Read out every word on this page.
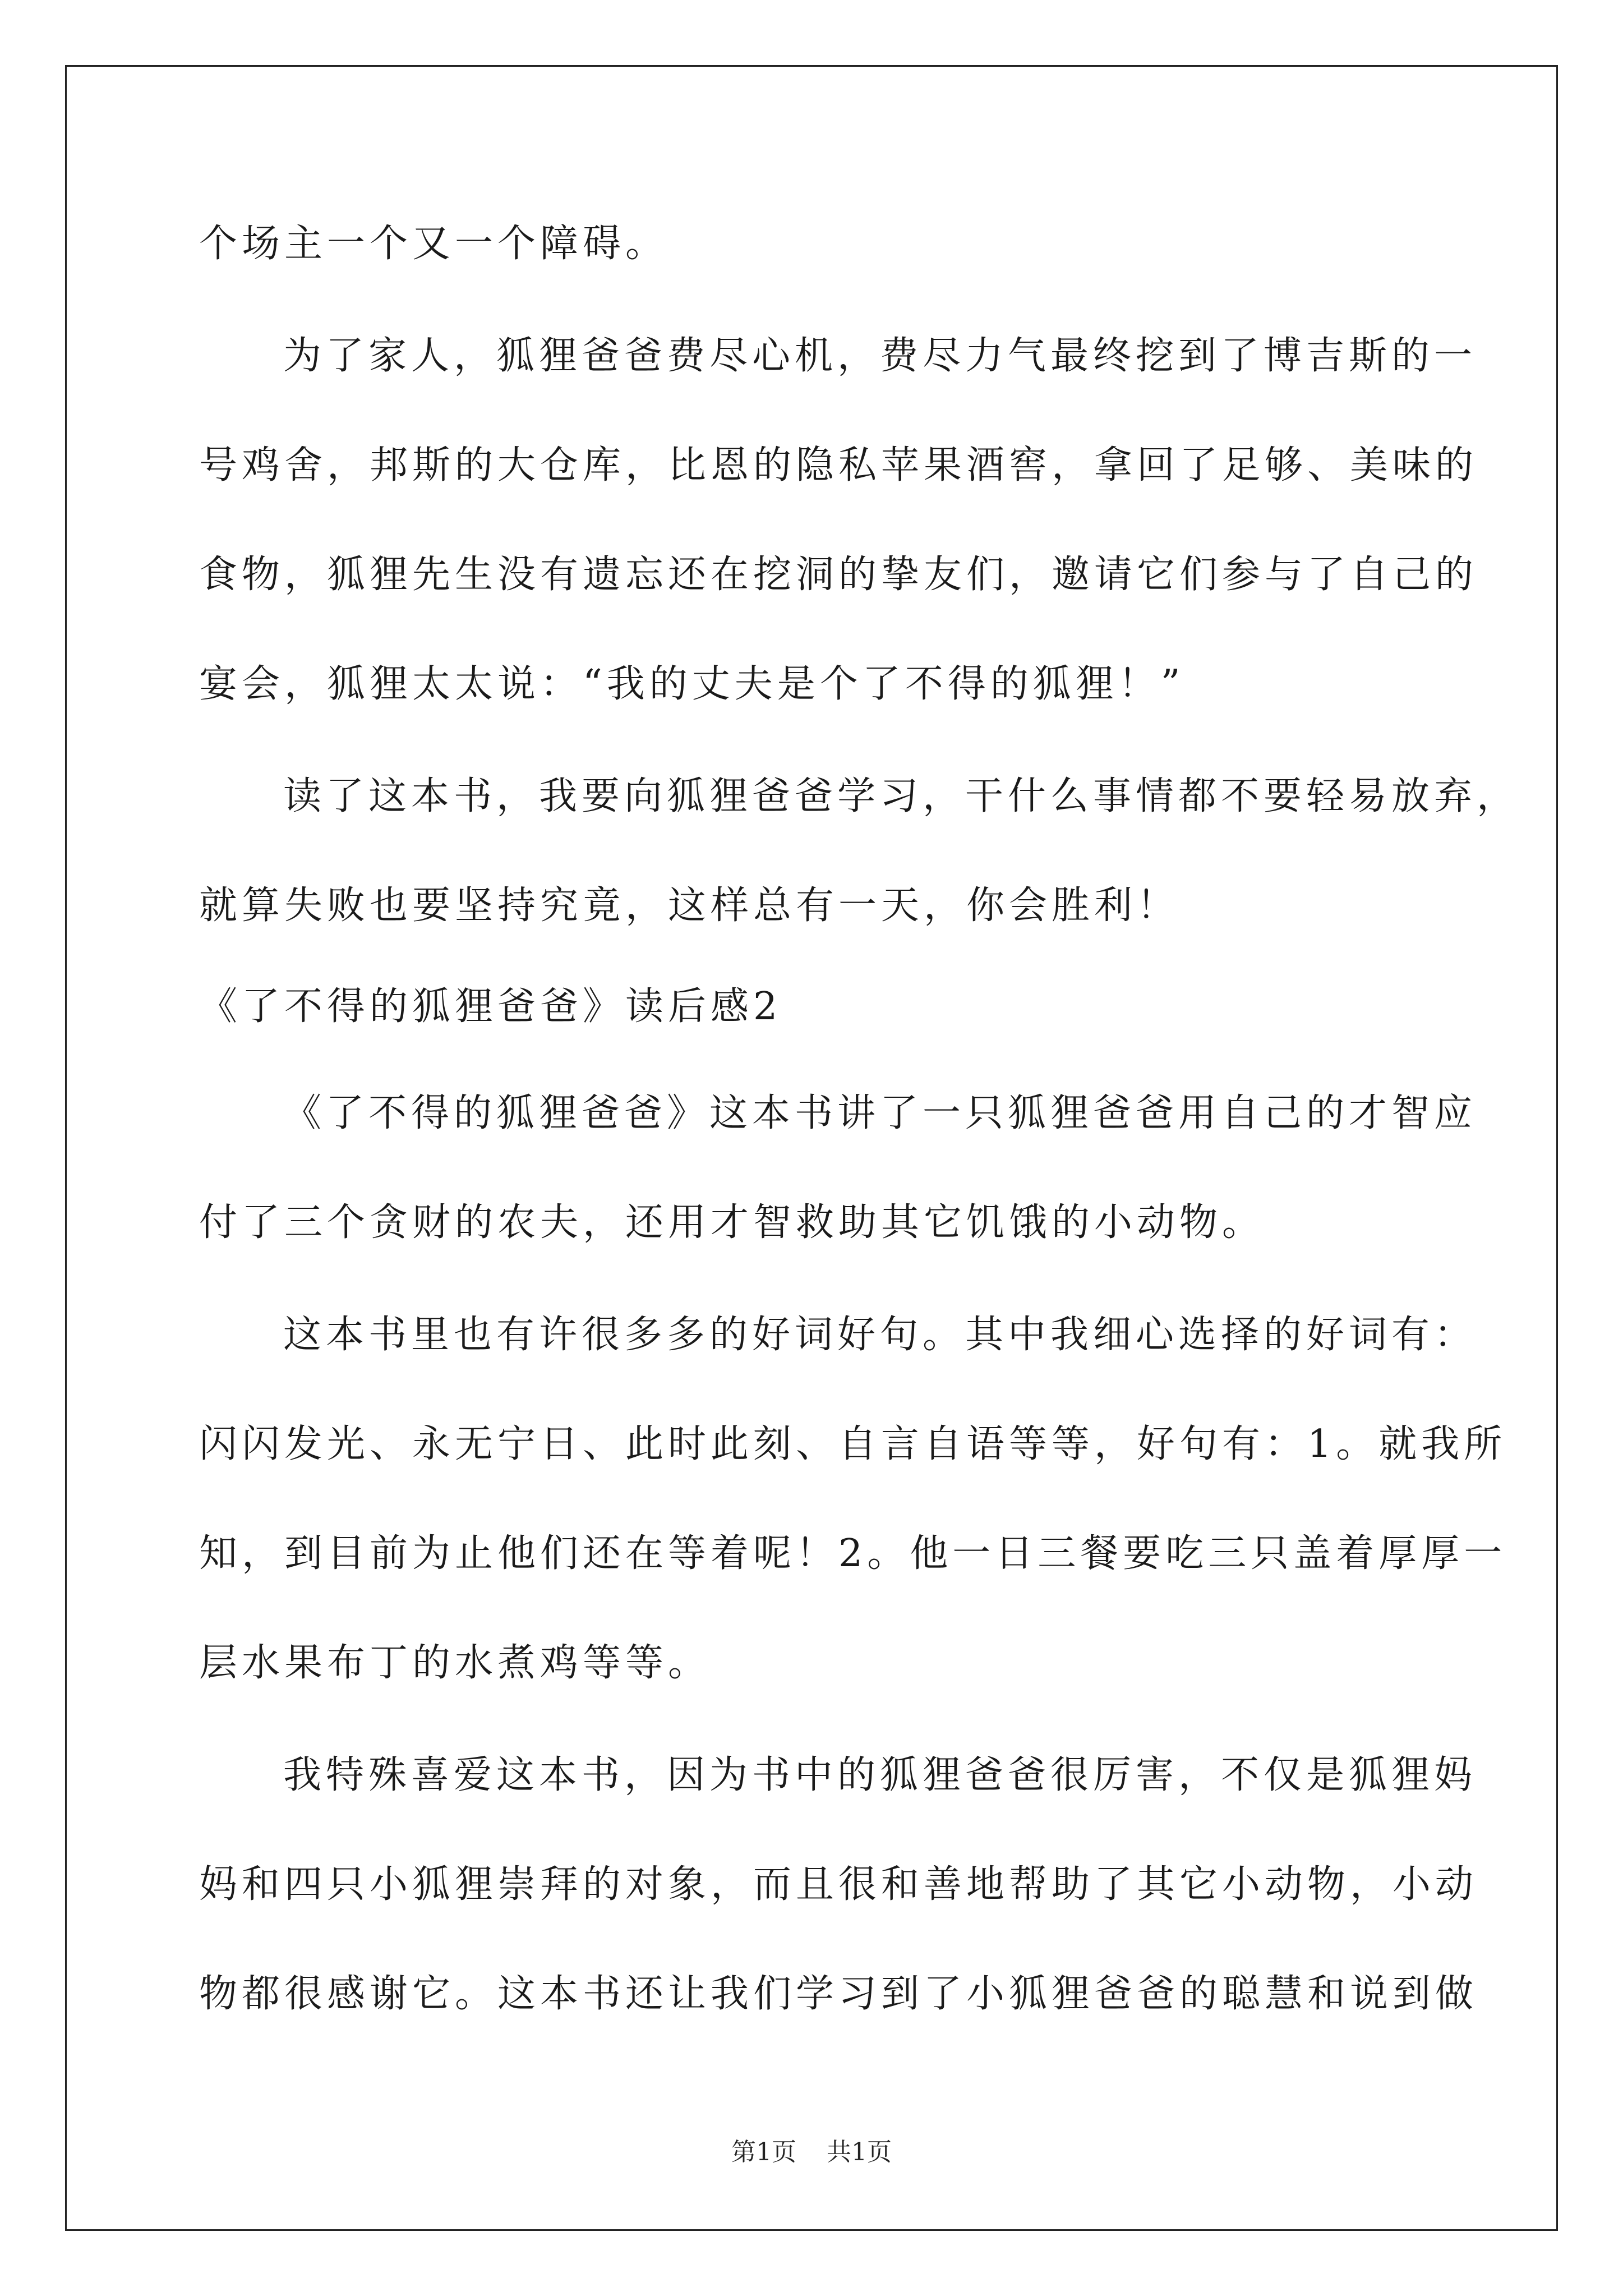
个场主一个又一个障碍。
为了家人，狐狸爸爸费尽心机，费尽力气最终挖到了博吉斯的一
号鸡舍，邦斯的大仓库，比恩的隐私苹果酒窖，拿回了足够、美味的
食物，狐狸先生没有遗忘还在挖洞的挚友们，邀请它们参与了自己的
宴会，狐狸太太说：“我的丈夫是个了不得的狐狸！”
读了这本书，我要向狐狸爸爸学习，干什么事情都不要轻易放弃，
就算失败也要坚持究竟，这样总有一天，你会胜利！
《了不得的狐狸爸爸》读后感2
《了不得的狐狸爸爸》这本书讲了一只狐狸爸爸用自己的才智应
付了三个贪财的农夫，还用才智救助其它饥饿的小动物。
这本书里也有许很多多的好词好句。其中我细心选择的好词有：
闪闪发光、永无宁日、此时此刻、自言自语等等，好句有：1。就我所
知，到目前为止他们还在等着呢！2。他一日三餐要吃三只盖着厚厚一
层水果布丁的水煮鸡等等。
我特殊喜爱这本书，因为书中的狐狸爸爸很厉害，不仅是狐狸妈
妈和四只小狐狸崇拜的对象，而且很和善地帮助了其它小动物，小动
物都很感谢它。这本书还让我们学习到了小狐狸爸爸的聪慧和说到做
第1页 共1页
